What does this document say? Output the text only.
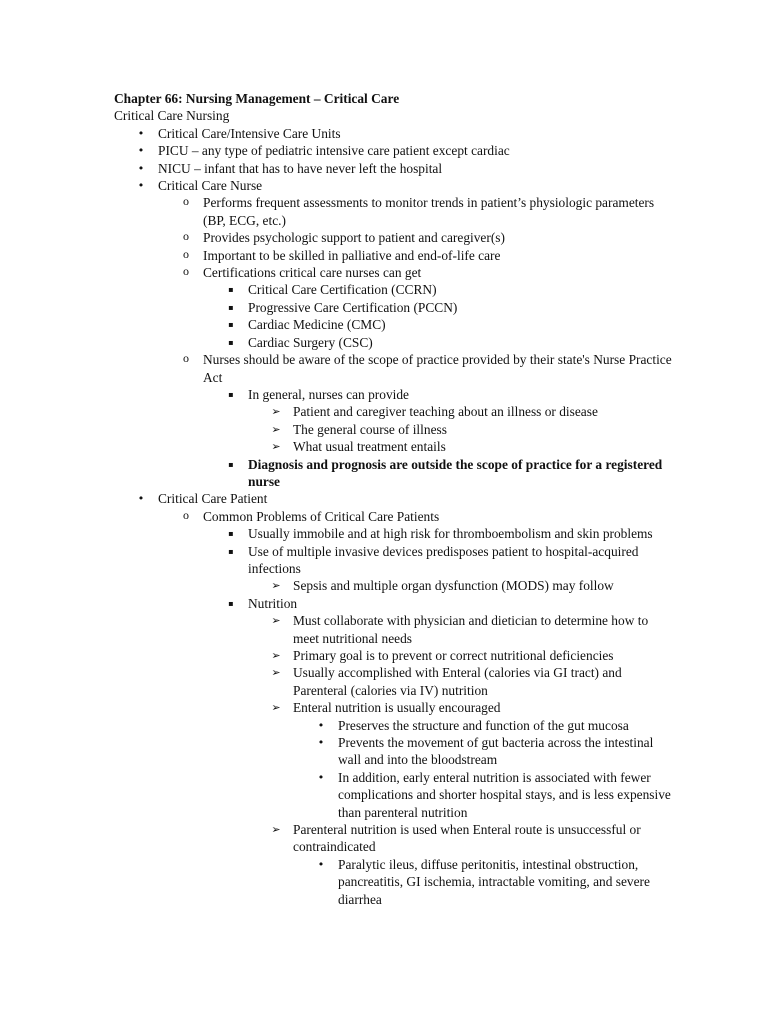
Chapter 66: Nursing Management – Critical Care
Critical Care Nursing
• Critical Care/Intensive Care Units
• PICU – any type of pediatric intensive care patient except cardiac
• NICU – infant that has to have never left the hospital
• Critical Care Nurse
o Performs frequent assessments to monitor trends in patient’s physiologic parameters (BP, ECG, etc.)
o Provides psychologic support to patient and caregiver(s)
o Important to be skilled in palliative and end-of-life care
o Certifications critical care nurses can get
▪	Critical Care Certification (CCRN)
▪	Progressive Care Certification (PCCN)
▪	Cardiac Medicine (CMC)
▪	Cardiac Surgery (CSC)
o Nurses should be aware of the scope of practice provided by their state's Nurse Practice Act
▪	In general, nurses can provide
➢ Patient and caregiver teaching about an illness or disease
➢ The general course of illness
➢ What usual treatment entails
▪	Diagnosis and prognosis are outside the scope of practice for a registered nurse
• Critical Care Patient
o Common Problems of Critical Care Patients
▪	Usually immobile and at high risk for thromboembolism and skin problems
▪	Use of multiple invasive devices predisposes patient to hospital-acquired infections
➢ Sepsis and multiple organ dysfunction (MODS) may follow
▪	Nutrition
➢ Must collaborate with physician and dietician to determine how to meet nutritional needs
➢ Primary goal is to prevent or correct nutritional deficiencies
➢ Usually accomplished with Enteral (calories via GI tract) and Parenteral (calories via IV) nutrition
➢ Enteral nutrition is usually encouraged
• Preserves the structure and function of the gut mucosa
• Prevents the movement of gut bacteria across the intestinal wall and into the bloodstream
• In addition, early enteral nutrition is associated with fewer complications and shorter hospital stays, and is less expensive than parenteral nutrition
➢ Parenteral nutrition is used when Enteral route is unsuccessful or contraindicated
• Paralytic ileus, diffuse peritonitis, intestinal obstruction, pancreatitis, GI ischemia, intractable vomiting, and severe diarrhea
